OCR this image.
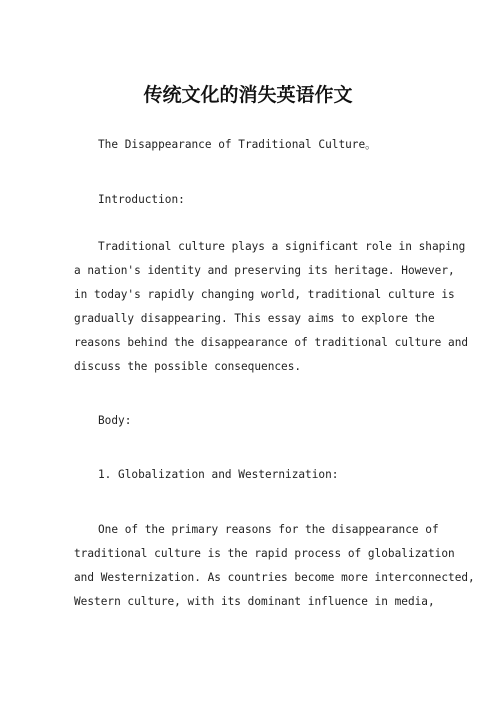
传统文化的消失英语作文
The Disappearance of Traditional Culture。
Introduction:
Traditional culture plays a significant role in shaping
a nation's identity and preserving its heritage. However,
in today's rapidly changing world, traditional culture is
gradually disappearing. This essay aims to explore the
reasons behind the disappearance of traditional culture and
discuss the possible consequences.
Body:
1. Globalization and Westernization:
One of the primary reasons for the disappearance of
traditional culture is the rapid process of globalization
and Westernization. As countries become more interconnected,
Western culture, with its dominant influence in media,
